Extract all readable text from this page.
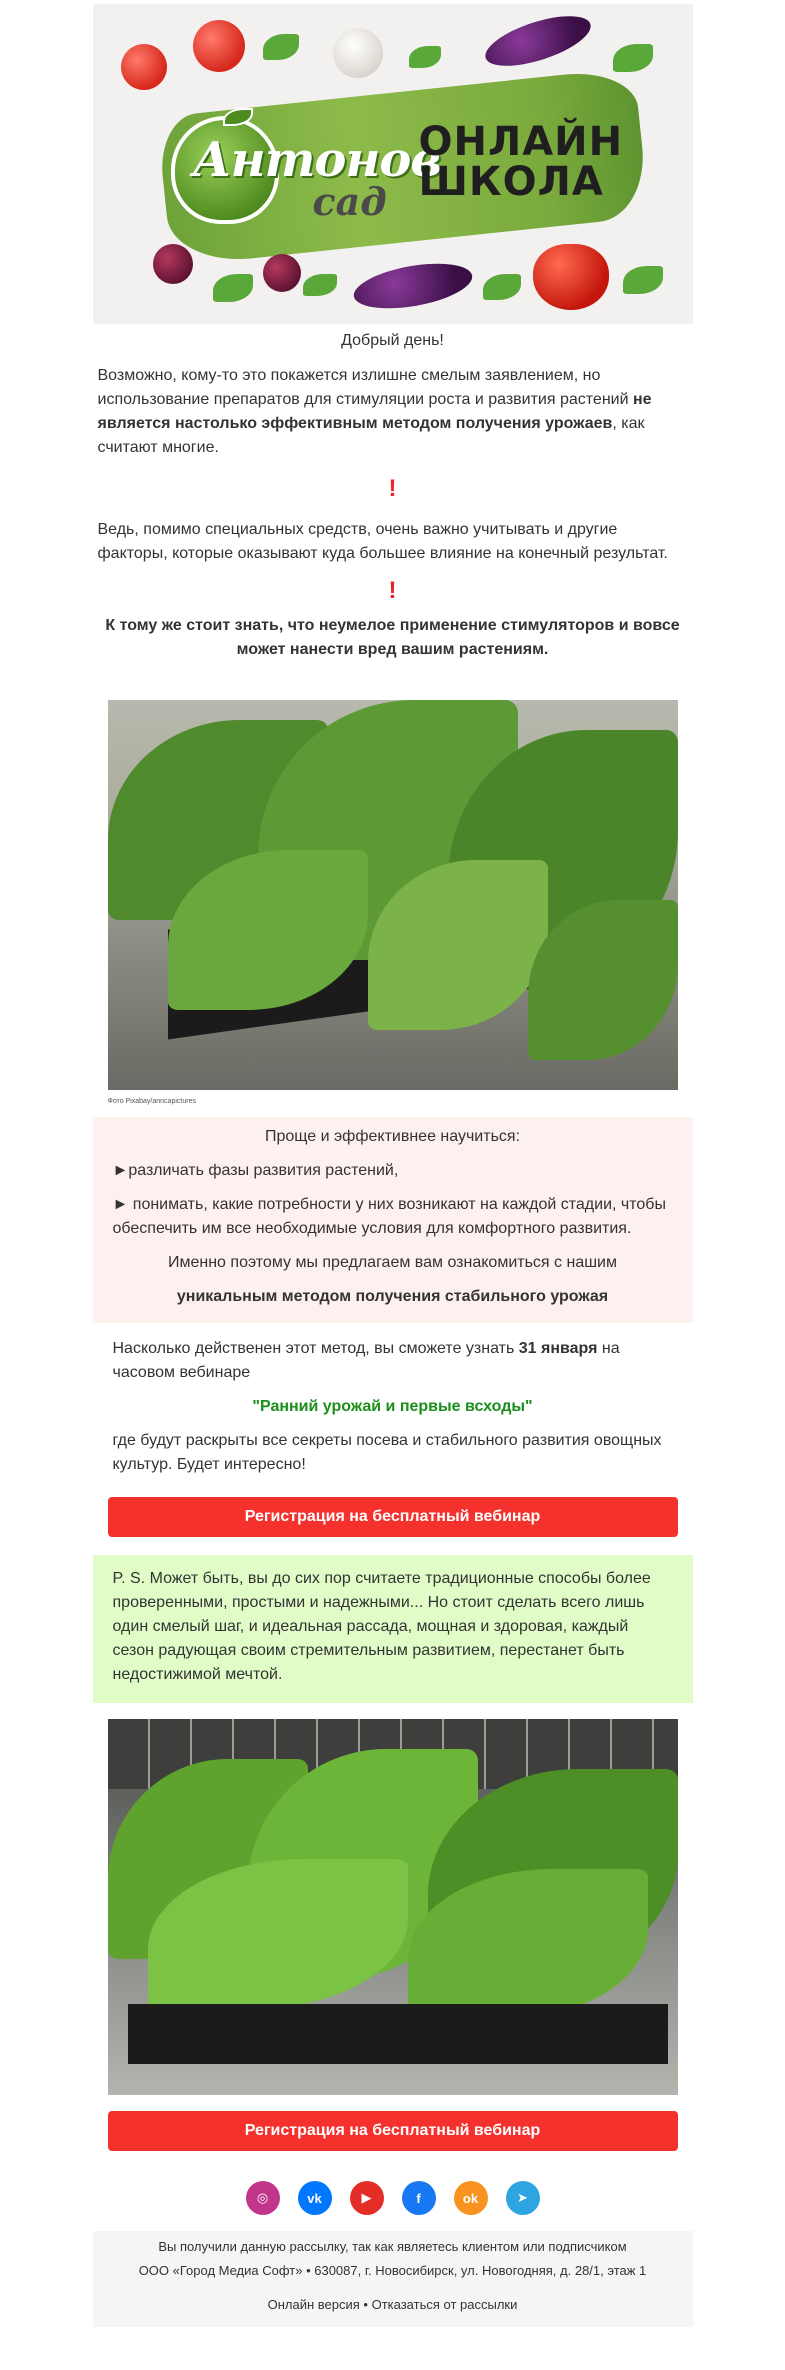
Антонов
сад
ОНЛАЙН
ШКОЛА

Добрый день!

Возможно, кому-то это покажется излишне смелым заявлением, но использование препаратов для стимуляции роста и развития растений не является настолько эффективным методом получения урожаев, как считают многие.

!

Ведь, помимо специальных средств, очень важно учитывать и другие факторы, которые оказывают куда большее влияние на конечный результат.

!

К тому же стоит знать, что неумелое применение стимуляторов и вовсе может нанести вред вашим растениям.

Фото Pixabay/anncapictures

Проще и эффективнее научиться:

►различать фазы развития растений,

► понимать, какие потребности у них возникают на каждой стадии, чтобы обеспечить им все необходимые условия для комфортного развития.

Именно поэтому мы предлагаем вам ознакомиться с нашим

уникальным методом получения стабильного урожая

Насколько действенен этот метод, вы сможете узнать 31 января на часовом вебинаре

"Ранний урожай и первые всходы"

где будут раскрыты все секреты посева и стабильного развития овощных культур. Будет интересно!

Регистрация на бесплатный вебинар

P. S. Может быть, вы до сих пор считаете традиционные способы более проверенными, простыми и надежными... Но стоит сделать всего лишь один смелый шаг, и идеальная рассада, мощная и здоровая, каждый сезон радующая своим стремительным развитием, перестанет быть недостижимой мечтой.

Регистрация на бесплатный вебинар
◎	vk	▶	f	ok	➤

Вы получили данную рассылку, так как являетесь клиентом или подписчиком

ООО «Город Медиа Софт» • 630087, г. Новосибирск, ул. Новогодняя, д. 28/1, этаж 1

Онлайн версия • Отказаться от рассылки
